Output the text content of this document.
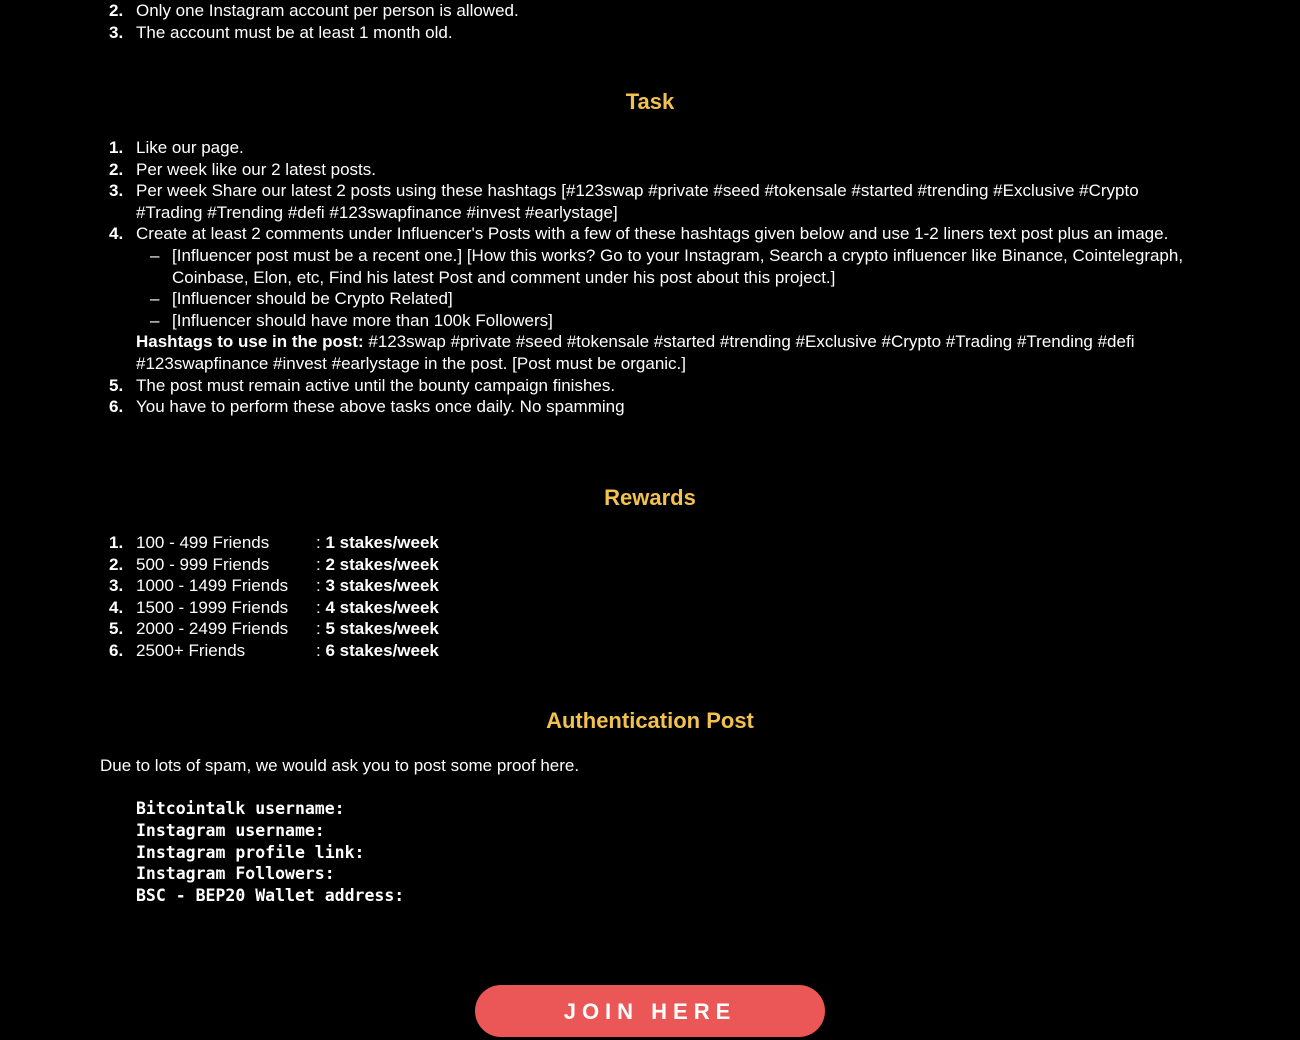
2. Only one Instagram account per person is allowed.
3. The account must be at least 1 month old.
Task
1. Like our page.
2. Per week like our 2 latest posts.
3. Per week Share our latest 2 posts using these hashtags [#123swap #private #seed #tokensale #started #trending #Exclusive #Crypto #Trading #Trending #defi #123swapfinance #invest #earlystage]
4. Create at least 2 comments under Influencer's Posts with a few of these hashtags given below and use 1-2 liners text post plus an image.
– [Influencer post must be a recent one.] [How this works? Go to your Instagram, Search a crypto influencer like Binance, Cointelegraph, Coinbase, Elon, etc, Find his latest Post and comment under his post about this project.]
– [Influencer should be Crypto Related]
– [Influencer should have more than 100k Followers]

Hashtags to use in the post: #123swap #private #seed #tokensale #started #trending #Exclusive #Crypto #Trading #Trending #defi #123swapfinance #invest #earlystage in the post. [Post must be organic.]

5. The post must remain active until the bounty campaign finishes.
6. You have to perform these above tasks once daily. No spamming
Rewards
1. 100 - 499 Friends	:
1 stakes/week
2. 500 - 999 Friends	:
2 stakes/week
3. 1000 - 1499 Friends	:
3 stakes/week
4. 1500 - 1999 Friends	:
4 stakes/week
5. 2000 - 2499 Friends	:
5 stakes/week
6. 2500+ Friends	:
6 stakes/week
Authentication Post

Due to lots of spam, we would ask you to post some proof here.

Bitcointalk username:
Instagram username:
Instagram profile link:
Instagram Followers:
BSC - BEP20 Wallet address:
JOIN HERE
